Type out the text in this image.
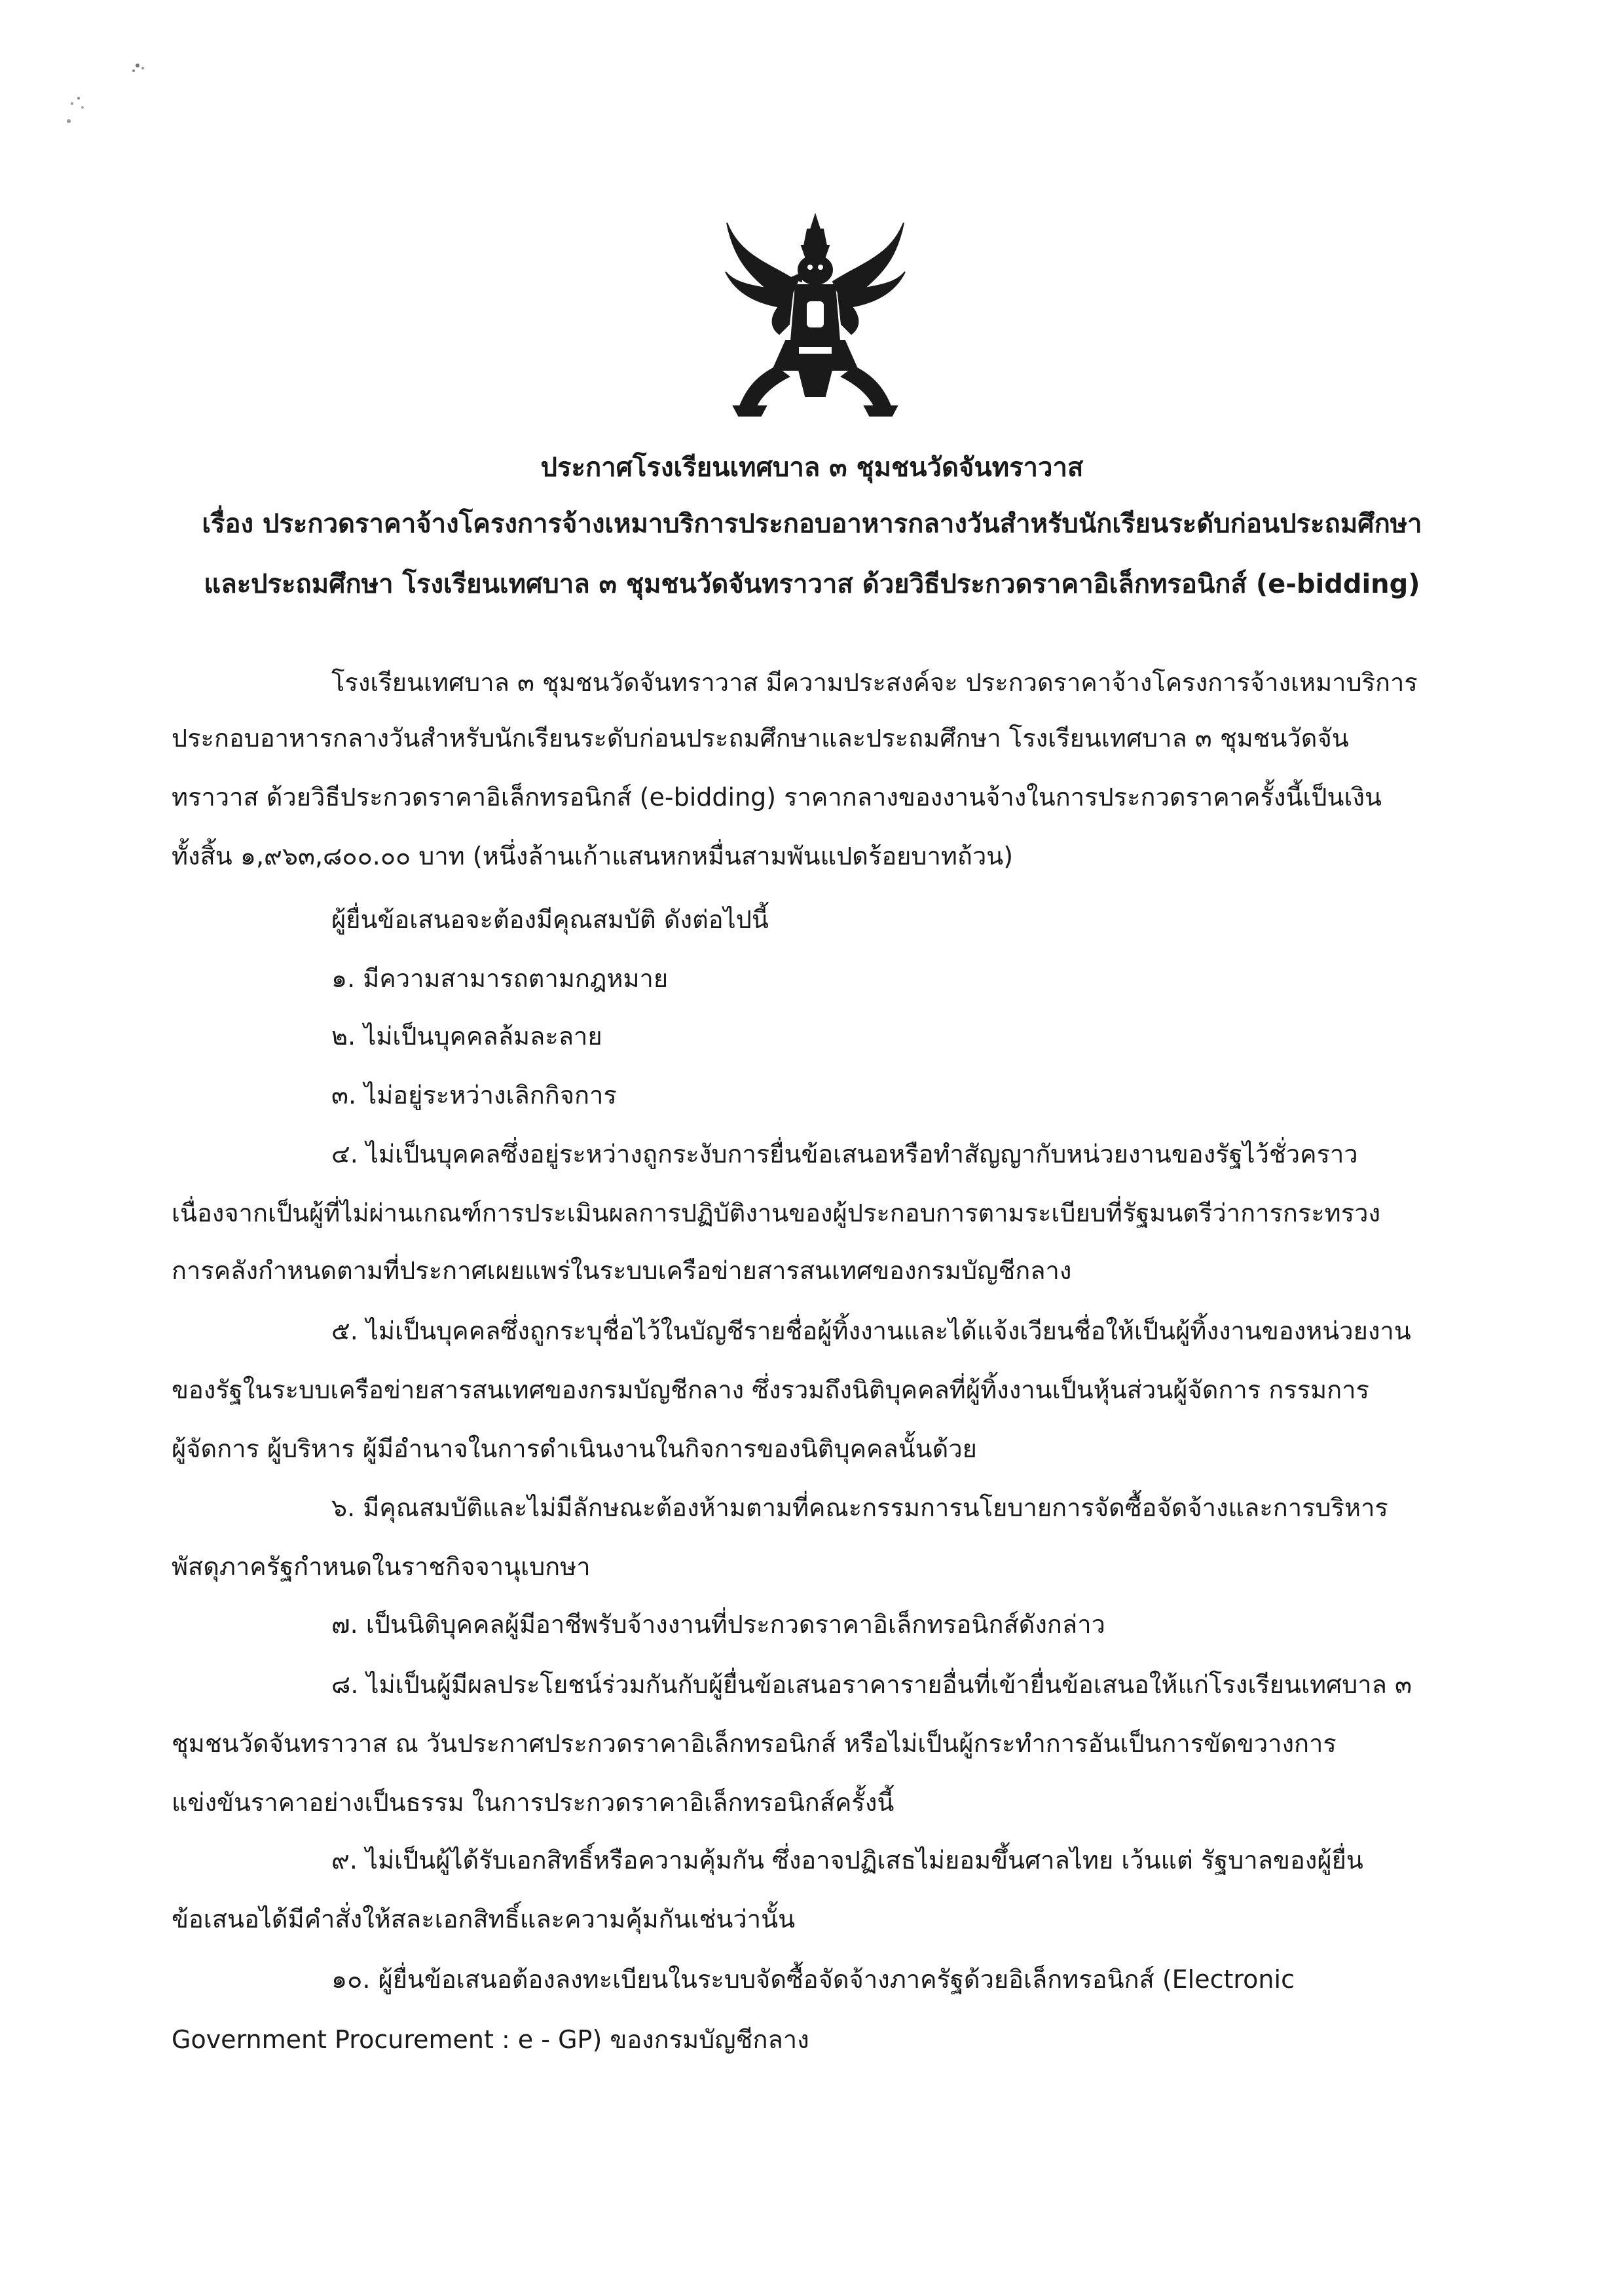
ประกาศโรงเรียนเทศบาล ๓ ชุมชนวัดจันทราวาส
เรื่อง ประกวดราคาจ้างโครงการจ้างเหมาบริการประกอบอาหารกลางวันสำหรับนักเรียนระดับก่อนประถมศึกษา
และประถมศึกษา โรงเรียนเทศบาล ๓ ชุมชนวัดจันทราวาส ด้วยวิธีประกวดราคาอิเล็กทรอนิกส์ (e-bidding)
โรงเรียนเทศบาล ๓ ชุมชนวัดจันทราวาส มีความประสงค์จะ ประกวดราคาจ้างโครงการจ้างเหมาบริการ
ประกอบอาหารกลางวันสำหรับนักเรียนระดับก่อนประถมศึกษาและประถมศึกษา โรงเรียนเทศบาล ๓ ชุมชนวัดจัน
ทราวาส ด้วยวิธีประกวดราคาอิเล็กทรอนิกส์ (e-bidding) ราคากลางของงานจ้างในการประกวดราคาครั้งนี้เป็นเงิน
ทั้งสิ้น ๑,๙๖๓,๘๐๐.๐๐ บาท (หนึ่งล้านเก้าแสนหกหมื่นสามพันแปดร้อยบาทถ้วน)
ผู้ยื่นข้อเสนอจะต้องมีคุณสมบัติ ดังต่อไปนี้
๑. มีความสามารถตามกฎหมาย
๒. ไม่เป็นบุคคลล้มละลาย
๓. ไม่อยู่ระหว่างเลิกกิจการ
๔. ไม่เป็นบุคคลซึ่งอยู่ระหว่างถูกระงับการยื่นข้อเสนอหรือทำสัญญากับหน่วยงานของรัฐไว้ชั่วคราว
เนื่องจากเป็นผู้ที่ไม่ผ่านเกณฑ์การประเมินผลการปฏิบัติงานของผู้ประกอบการตามระเบียบที่รัฐมนตรีว่าการกระทรวง
การคลังกำหนดตามที่ประกาศเผยแพร่ในระบบเครือข่ายสารสนเทศของกรมบัญชีกลาง
๕. ไม่เป็นบุคคลซึ่งถูกระบุชื่อไว้ในบัญชีรายชื่อผู้ทิ้งงานและได้แจ้งเวียนชื่อให้เป็นผู้ทิ้งงานของหน่วยงาน
ของรัฐในระบบเครือข่ายสารสนเทศของกรมบัญชีกลาง ซึ่งรวมถึงนิติบุคคลที่ผู้ทิ้งงานเป็นหุ้นส่วนผู้จัดการ กรรมการ
ผู้จัดการ ผู้บริหาร ผู้มีอำนาจในการดำเนินงานในกิจการของนิติบุคคลนั้นด้วย
๖. มีคุณสมบัติและไม่มีลักษณะต้องห้ามตามที่คณะกรรมการนโยบายการจัดซื้อจัดจ้างและการบริหาร
พัสดุภาครัฐกำหนดในราชกิจจานุเบกษา
๗. เป็นนิติบุคคลผู้มีอาชีพรับจ้างงานที่ประกวดราคาอิเล็กทรอนิกส์ดังกล่าว
๘. ไม่เป็นผู้มีผลประโยชน์ร่วมกันกับผู้ยื่นข้อเสนอราคารายอื่นที่เข้ายื่นข้อเสนอให้แก่โรงเรียนเทศบาล ๓
ชุมชนวัดจันทราวาส ณ วันประกาศประกวดราคาอิเล็กทรอนิกส์ หรือไม่เป็นผู้กระทำการอันเป็นการขัดขวางการ
แข่งขันราคาอย่างเป็นธรรม ในการประกวดราคาอิเล็กทรอนิกส์ครั้งนี้
๙. ไม่เป็นผู้ได้รับเอกสิทธิ์หรือความคุ้มกัน ซึ่งอาจปฏิเสธไม่ยอมขึ้นศาลไทย เว้นแต่ รัฐบาลของผู้ยื่น
ข้อเสนอได้มีคำสั่งให้สละเอกสิทธิ์และความคุ้มกันเช่นว่านั้น
๑๐. ผู้ยื่นข้อเสนอต้องลงทะเบียนในระบบจัดซื้อจัดจ้างภาครัฐด้วยอิเล็กทรอนิกส์ (Electronic
Government Procurement : e - GP) ของกรมบัญชีกลาง
